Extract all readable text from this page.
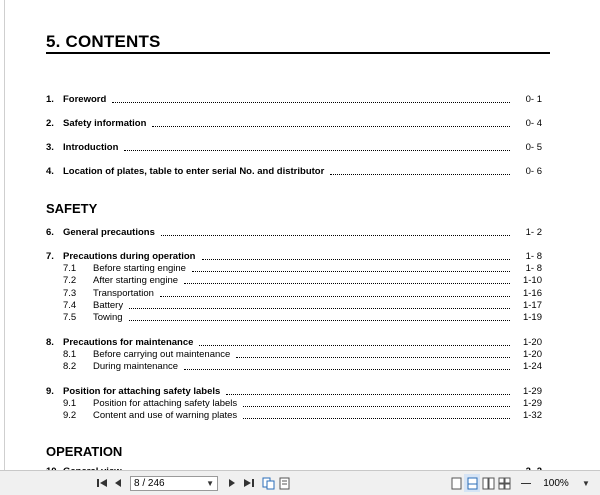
5. CONTENTS
1. Foreword	0- 1
2. Safety information	0- 4
3. Introduction	0- 5
4. Location of plates, table to enter serial No. and distributor	0- 6
SAFETY
6. General precautions	1- 2
7. Precautions during operation	1- 8
7.1	Before starting engine	1- 8
7.2	After starting engine	1-10
7.3	Transportation	1-16
7.4	Battery	1-17
7.5	Towing	1-19
8. Precautions for maintenance	1-20
8.1	Before carrying out maintenance	1-20
8.2	During maintenance	1-24
9. Position for attaching safety labels	1-29
9.1	Position for attaching safety labels	1-29
9.2	Content and use of warning plates	1-32
OPERATION
8 / 246	▼	—	100%	▼
